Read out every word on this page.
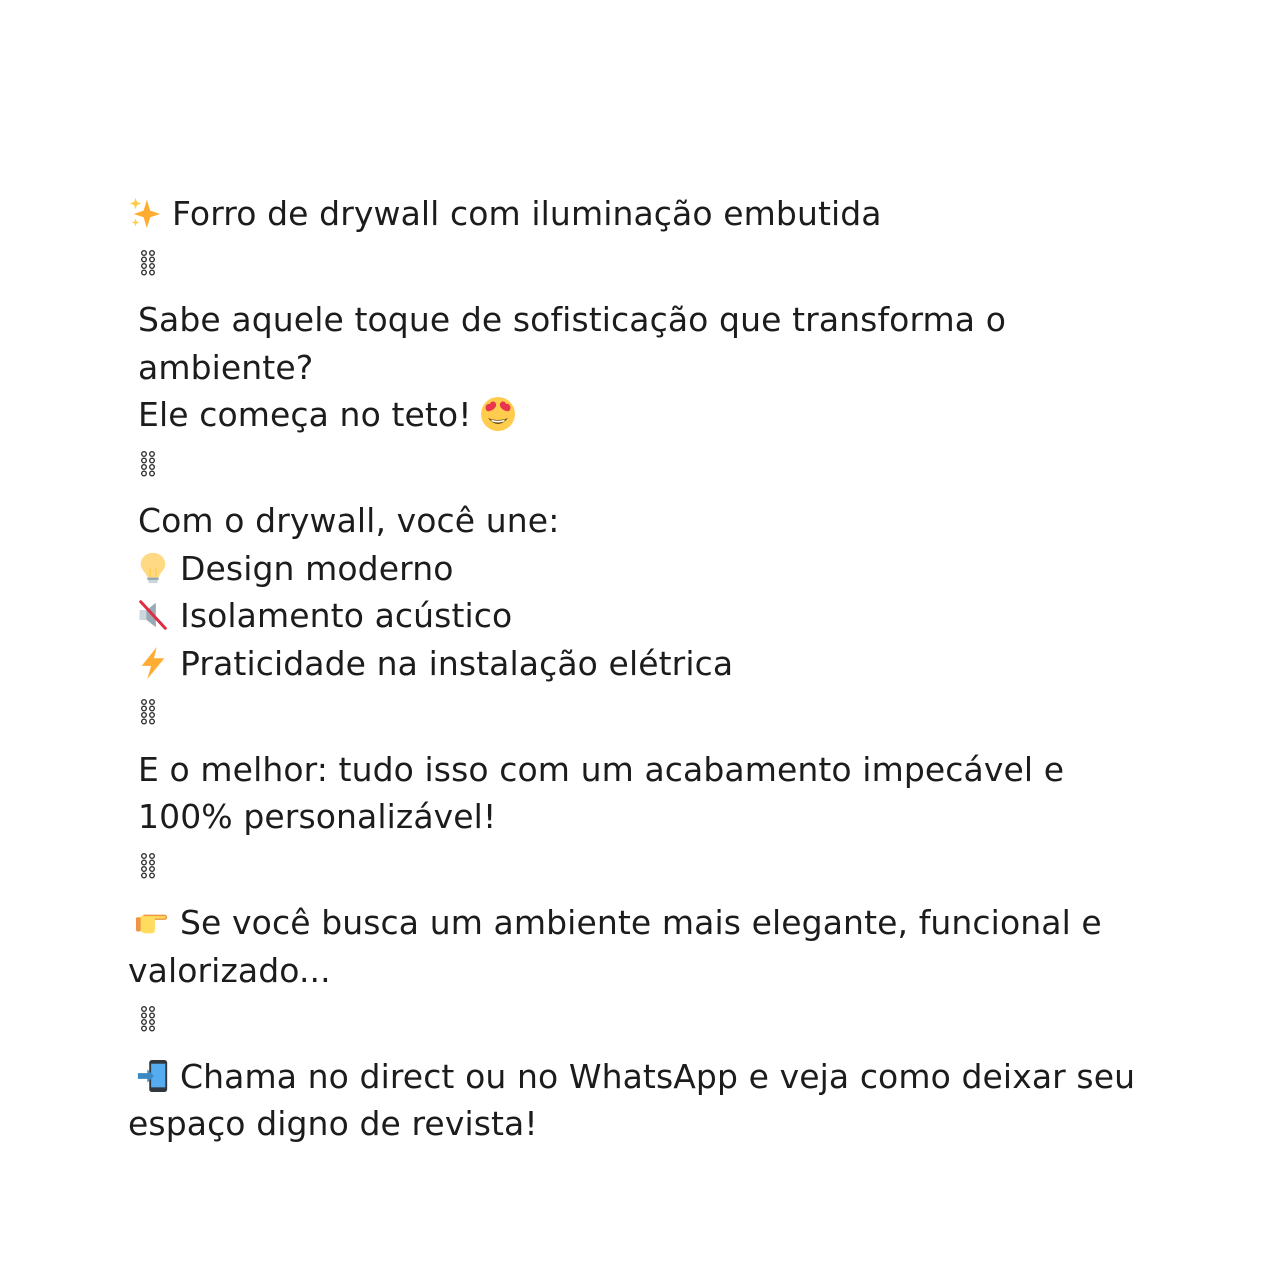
Forro de drywall com iluminação embutida
Sabe aquele toque de sofisticação que transforma o ambiente?
Ele começa no teto!
Com o drywall, você une:
Design moderno
Isolamento acústico
Praticidade na instalação elétrica
E o melhor: tudo isso com um acabamento impecável e 100% personalizável!
Se você busca um ambiente mais elegante, funcional e valorizado...
Chama no direct ou no WhatsApp e veja como deixar seu espaço digno de revista!
